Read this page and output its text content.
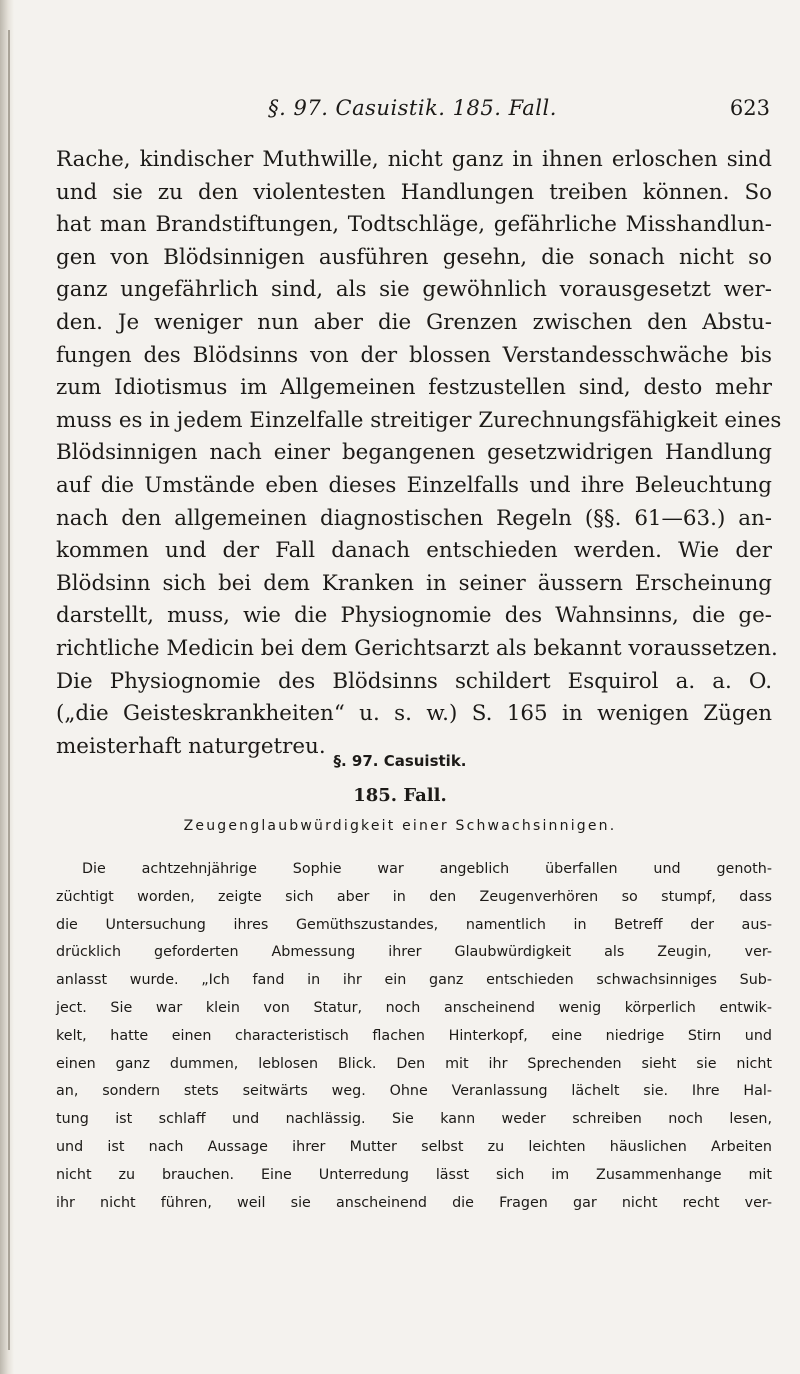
§. 97. Casuistik. 185. Fall.	623
Rache, kindischer Muthwille, nicht ganz in ihnen erloschen sind
und sie zu den violentesten Handlungen treiben können. So
hat man Brandstiftungen, Todtschläge, gefährliche Misshandlun-
gen von Blödsinnigen ausführen gesehn, die sonach nicht so
ganz ungefährlich sind, als sie gewöhnlich vorausgesetzt wer-
den. Je weniger nun aber die Grenzen zwischen den Abstu-
fungen des Blödsinns von der blossen Verstandesschwäche bis
zum Idiotismus im Allgemeinen festzustellen sind, desto mehr
muss es in jedem Einzelfalle streitiger Zurechnungsfähigkeit eines
Blödsinnigen nach einer begangenen gesetzwidrigen Handlung
auf die Umstände eben dieses Einzelfalls und ihre Beleuchtung
nach den allgemeinen diagnostischen Regeln (§§. 61—63.) an-
kommen und der Fall danach entschieden werden. Wie der
Blödsinn sich bei dem Kranken in seiner äussern Erscheinung
darstellt, muss, wie die Physiognomie des Wahnsinns, die ge-
richtliche Medicin bei dem Gerichtsarzt als bekannt voraussetzen.
Die Physiognomie des Blödsinns schildert Esquirol a. a. O.
(„die Geisteskrankheiten“ u. s. w.) S. 165 in wenigen Zügen
meisterhaft naturgetreu.
§. 97. Casuistik.
185. Fall.
Zeugenglaubwürdigkeit einer Schwachsinnigen.
Die achtzehnjährige Sophie war angeblich überfallen und genoth-
züchtigt worden, zeigte sich aber in den Zeugenverhören so stumpf, dass
die Untersuchung ihres Gemüthszustandes, namentlich in Betreff der aus-
drücklich geforderten Abmessung ihrer Glaubwürdigkeit als Zeugin, ver-
anlasst wurde. „Ich fand in ihr ein ganz entschieden schwachsinniges Sub-
ject. Sie war klein von Statur, noch anscheinend wenig körperlich entwik-
kelt, hatte einen characteristisch flachen Hinterkopf, eine niedrige Stirn und
einen ganz dummen, leblosen Blick. Den mit ihr Sprechenden sieht sie nicht
an, sondern stets seitwärts weg. Ohne Veranlassung lächelt sie. Ihre Hal-
tung ist schlaff und nachlässig. Sie kann weder schreiben noch lesen,
und ist nach Aussage ihrer Mutter selbst zu leichten häuslichen Arbeiten
nicht zu brauchen. Eine Unterredung lässt sich im Zusammenhange mit
ihr nicht führen, weil sie anscheinend die Fragen gar nicht recht ver-
